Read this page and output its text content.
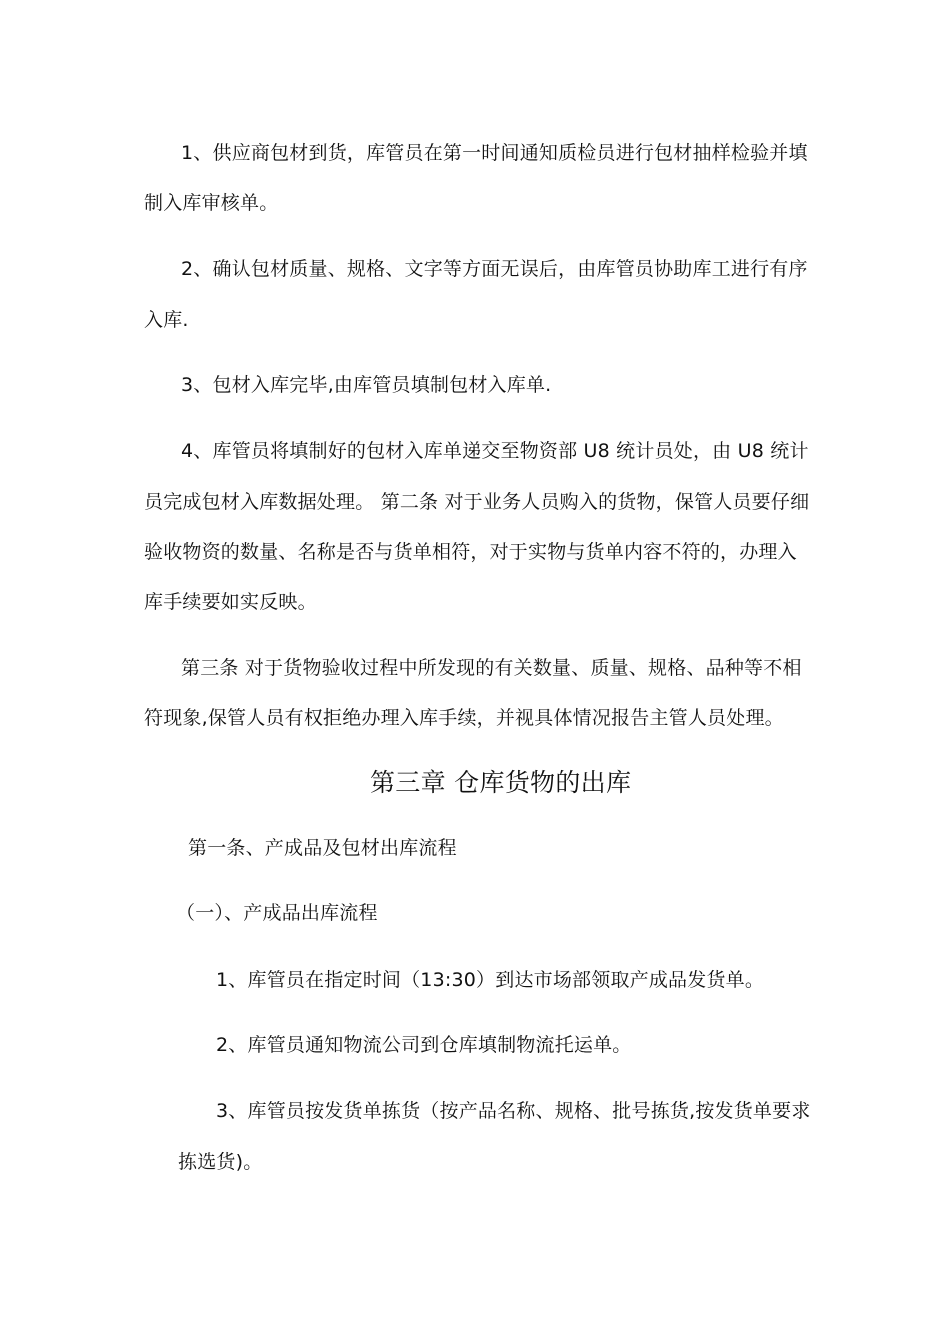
1、供应商包材到货，库管员在第一时间通知质检员进行包材抽样检验并填

制入库审核单。

2、确认包材质量、规格、文字等方面无误后，由库管员协助库工进行有序

入库.

3、包材入库完毕,由库管员填制包材入库单.

4、库管员将填制好的包材入库单递交至物资部 U8 统计员处，由 U8 统计

员完成包材入库数据处理。 第二条 对于业务人员购入的货物，保管人员要仔细

验收物资的数量、名称是否与货单相符，对于实物与货单内容不符的，办理入

库手续要如实反映。

第三条 对于货物验收过程中所发现的有关数量、质量、规格、品种等不相

符现象,保管人员有权拒绝办理入库手续，并视具体情况报告主管人员处理。

第三章 仓库货物的出库

第一条、产成品及包材出库流程

（一）、产成品出库流程

1、库管员在指定时间（13:30）到达市场部领取产成品发货单。

2、库管员通知物流公司到仓库填制物流托运单。

3、库管员按发货单拣货（按产品名称、规格、批号拣货,按发货单要求

拣选货)。
